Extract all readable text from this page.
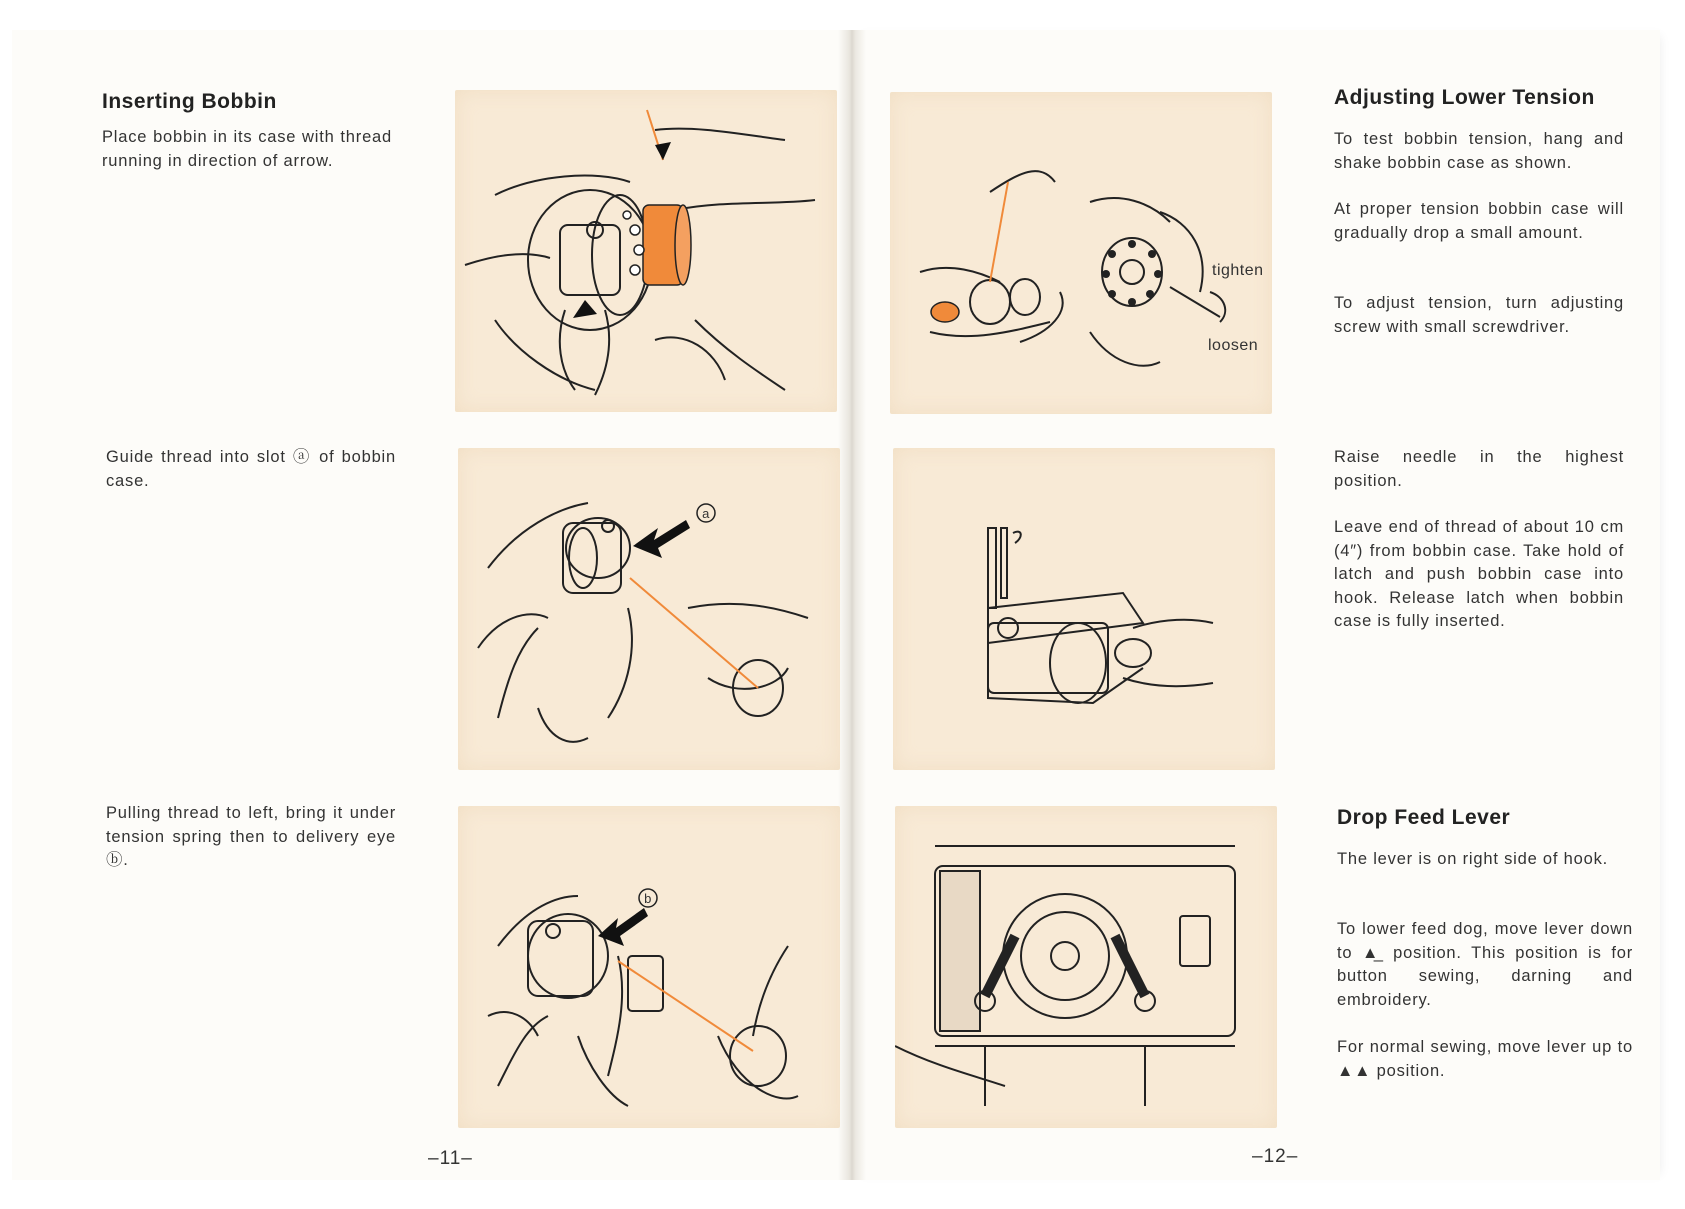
Inserting Bobbin

Place bobbin in its case with thread running in direction of arrow.

Guide thread into slot ⓐ of bobbin case.

Pulling thread to left, bring it under tension spring then to delivery eye ⓑ.

a
b
–11–
tighten
loosen
Adjusting Lower Tension

To test bobbin tension, hang and shake bobbin case as shown.

At proper tension bobbin case will gradually drop a small amount.

To adjust tension, turn adjusting screw with small screwdriver.

Raise needle in the highest position.

Leave end of thread of about 10 cm (4″) from bobbin case. Take hold of latch and push bobbin case into hook. Release latch when bobbin case is fully inserted.

Drop Feed Lever

The lever is on right side of hook.

To lower feed dog, move lever down to ▲̲ position. This position is for button sewing, darning and embroidery.

For normal sewing, move lever up to ▲▲ position.

–12–
